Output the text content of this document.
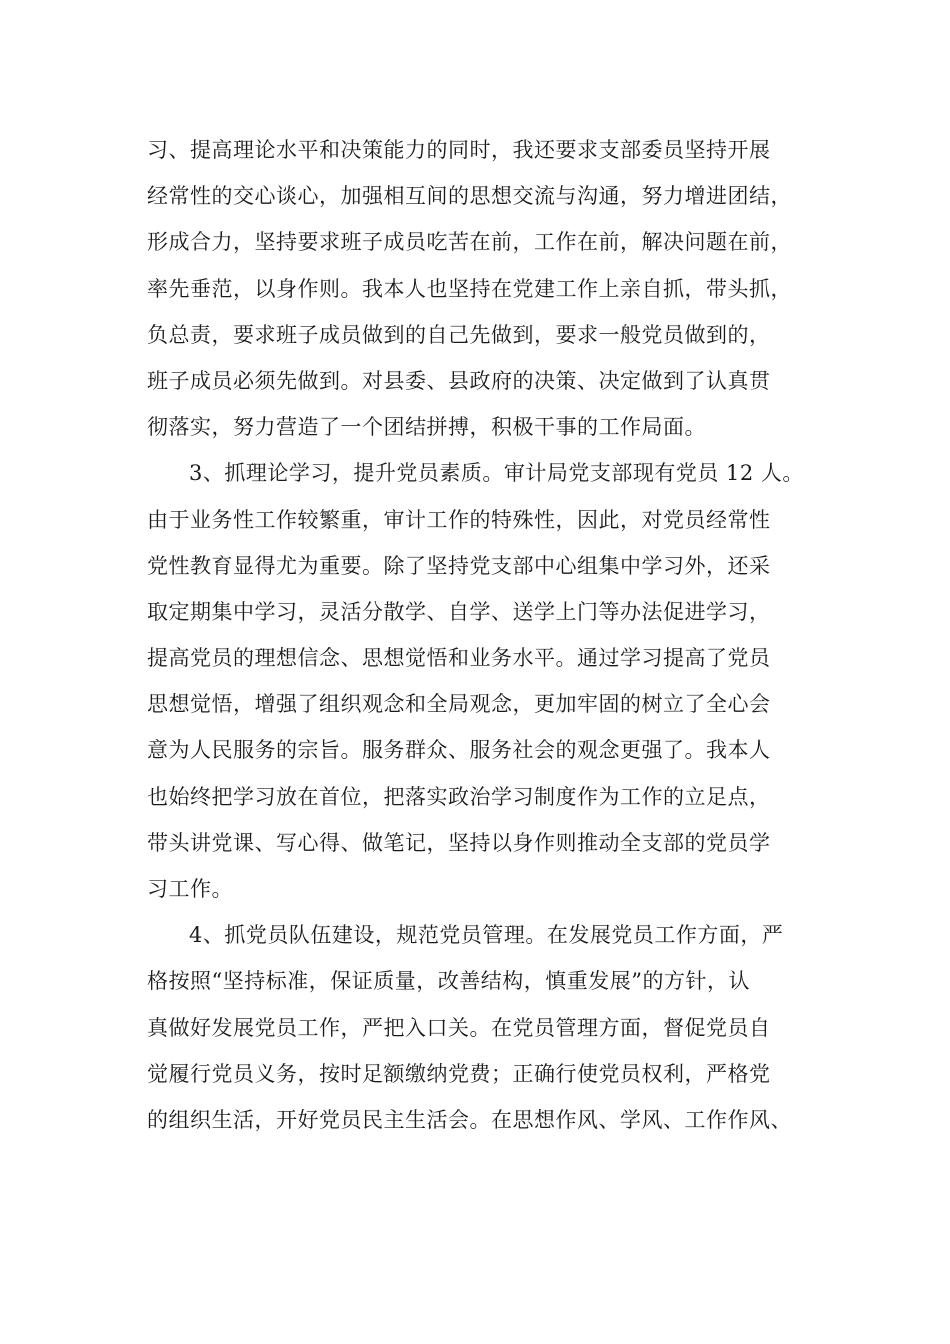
习、提高理论水平和决策能力的同时，我还要求支部委员坚持开展
经常性的交心谈心，加强相互间的思想交流与沟通，努力增进团结，
形成合力，坚持要求班子成员吃苦在前，工作在前，解决问题在前，
率先垂范，以身作则。我本人也坚持在党建工作上亲自抓，带头抓，
负总责，要求班子成员做到的自己先做到，要求一般党员做到的，
班子成员必须先做到。对县委、县政府的决策、决定做到了认真贯
彻落实，努力营造了一个团结拼搏，积极干事的工作局面。
3、抓理论学习，提升党员素质。审计局党支部现有党员 12 人。
由于业务性工作较繁重，审计工作的特殊性，因此，对党员经常性
党性教育显得尤为重要。除了坚持党支部中心组集中学习外，还采
取定期集中学习，灵活分散学、自学、送学上门等办法促进学习，
提高党员的理想信念、思想觉悟和业务水平。通过学习提高了党员
思想觉悟，增强了组织观念和全局观念，更加牢固的树立了全心会
意为人民服务的宗旨。服务群众、服务社会的观念更强了。我本人
也始终把学习放在首位，把落实政治学习制度作为工作的立足点，
带头讲党课、写心得、做笔记，坚持以身作则推动全支部的党员学
习工作。
4、抓党员队伍建设，规范党员管理。在发展党员工作方面，严
格按照“坚持标准，保证质量，改善结构，慎重发展”的方针，认
真做好发展党员工作，严把入口关。在党员管理方面，督促党员自
觉履行党员义务，按时足额缴纳党费；正确行使党员权利，严格党
的组织生活，开好党员民主生活会。在思想作风、学风、工作作风、
